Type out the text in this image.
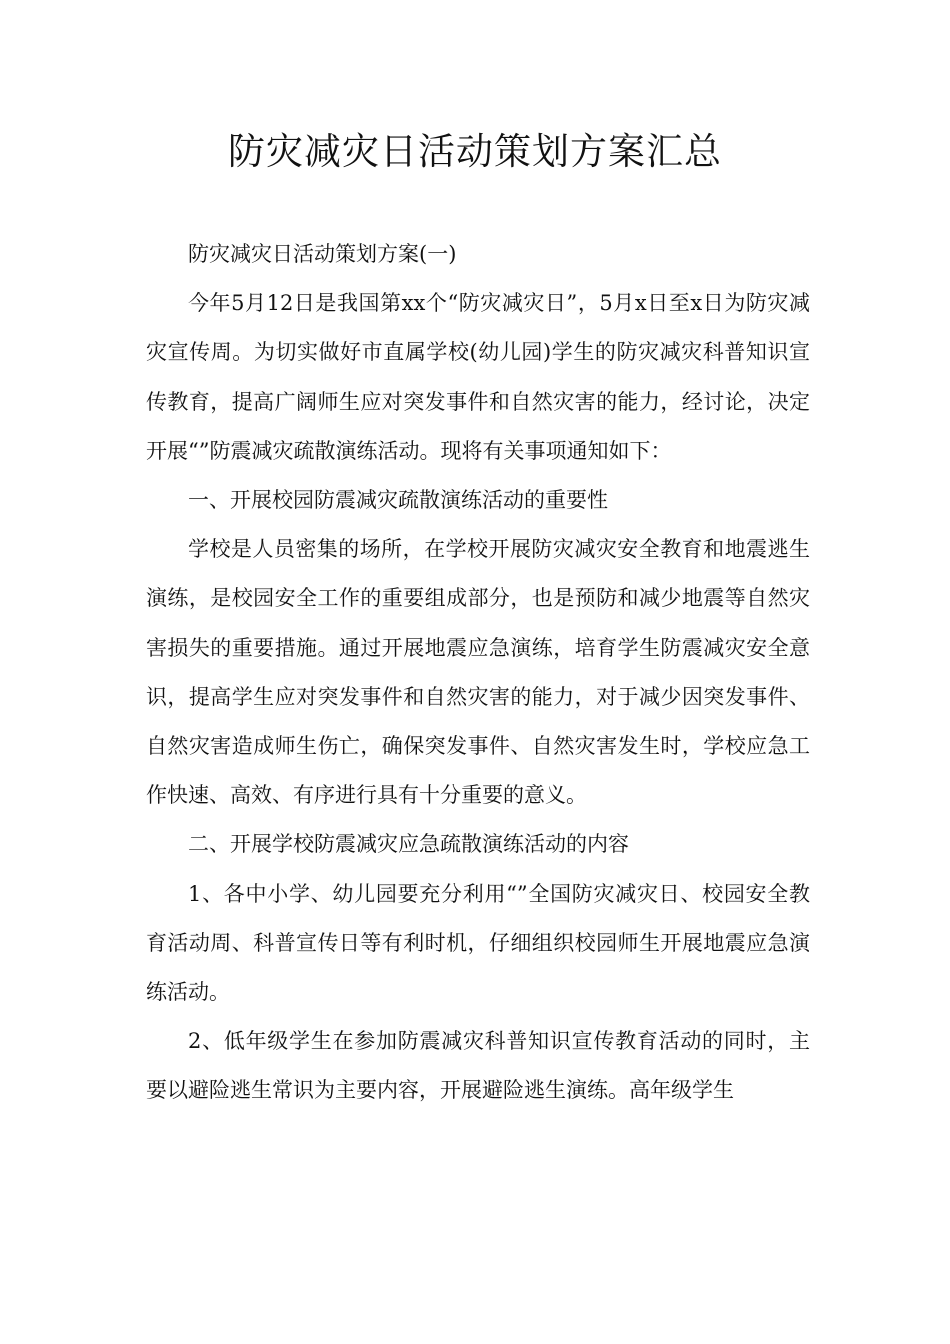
防灾减灾日活动策划方案汇总

防灾减灾日活动策划方案(一)

今年5月12日是我国第xx个“防灾减灾日”，5月x日至x日为防灾减灾宣传周。为切实做好市直属学校(幼儿园)学生的防灾减灾科普知识宣传教育，提高广阔师生应对突发事件和自然灾害的能力，经讨论，决定开展“”防震减灾疏散演练活动。现将有关事项通知如下：

一、开展校园防震减灾疏散演练活动的重要性

学校是人员密集的场所，在学校开展防灾减灾安全教育和地震逃生演练，是校园安全工作的重要组成部分，也是预防和减少地震等自然灾害损失的重要措施。通过开展地震应急演练，培育学生防震减灾安全意识，提高学生应对突发事件和自然灾害的能力，对于减少因突发事件、自然灾害造成师生伤亡，确保突发事件、自然灾害发生时，学校应急工作快速、高效、有序进行具有十分重要的意义。

二、开展学校防震减灾应急疏散演练活动的内容

1、各中小学、幼儿园要充分利用“”全国防灾减灾日、校园安全教育活动周、科普宣传日等有利时机，仔细组织校园师生开展地震应急演练活动。

2、低年级学生在参加防震减灾科普知识宣传教育活动的同时，主要以避险逃生常识为主要内容，开展避险逃生演练。高年级学生
